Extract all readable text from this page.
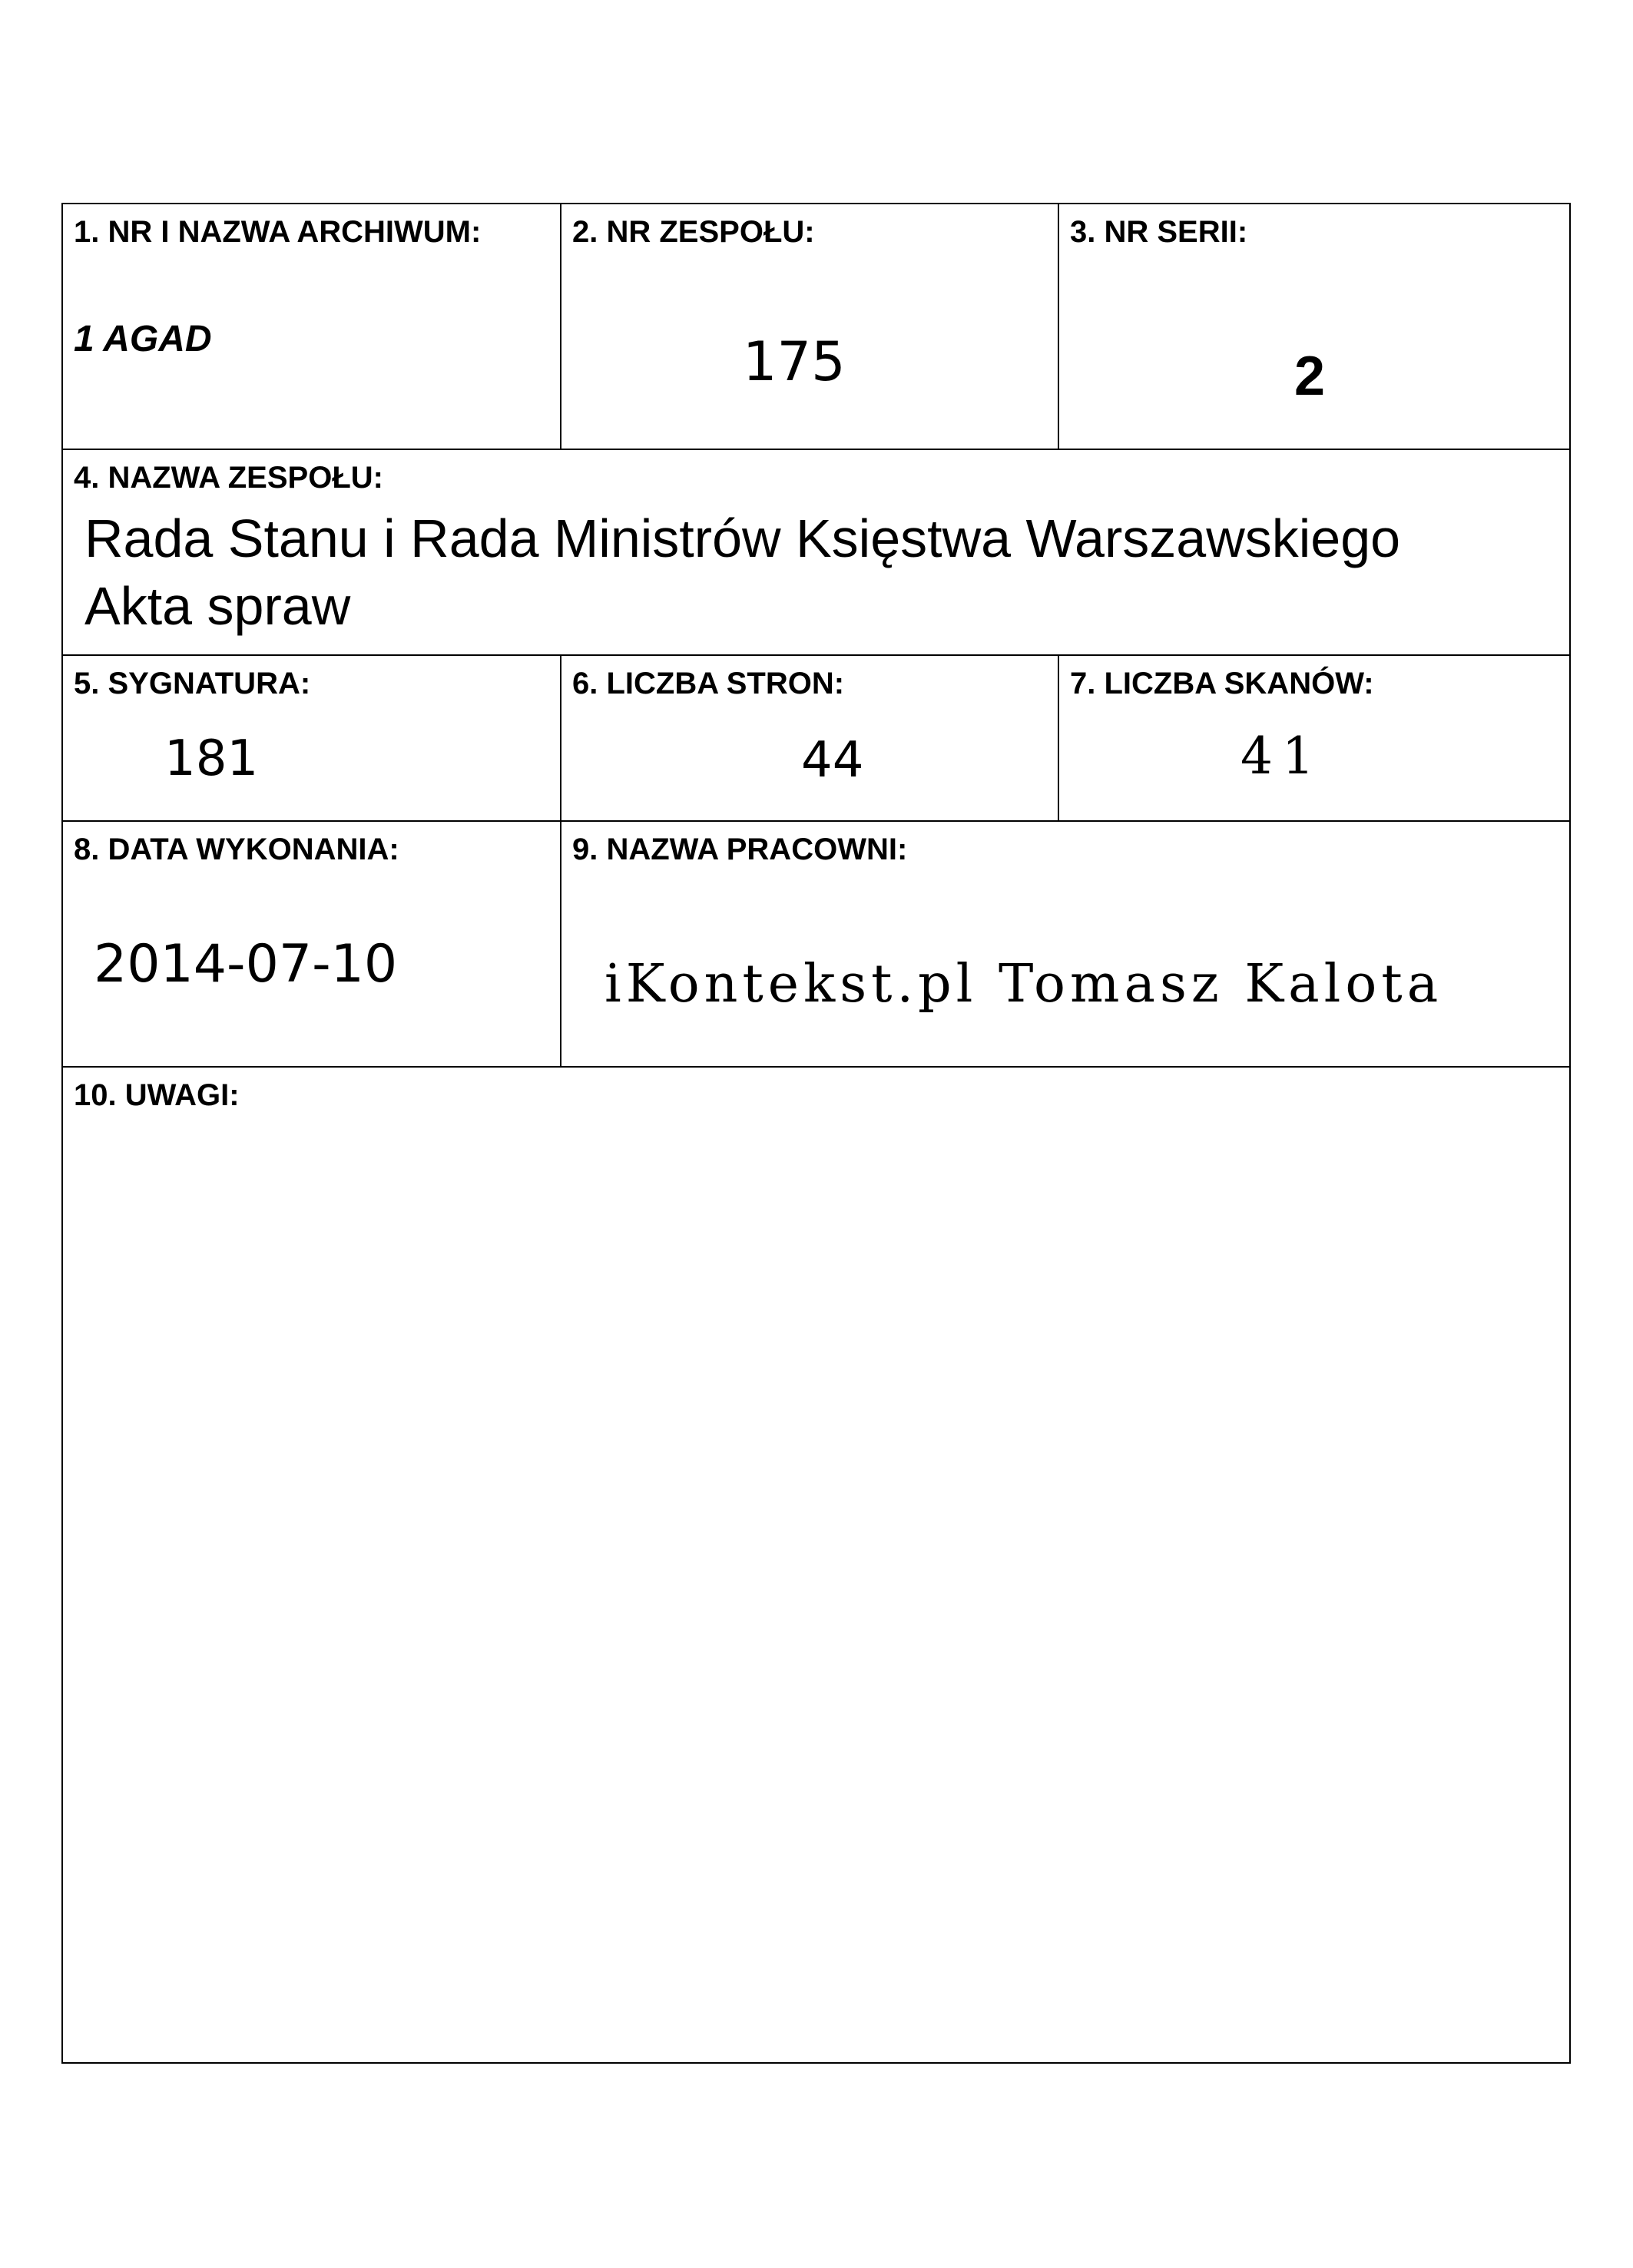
1. NR I NAZWA ARCHIWUM:
1 AGAD
2. NR ZESPOŁU:
175
3. NR SERII:
2
4. NAZWA ZESPOŁU:
Rada Stanu i Rada Ministrów Księstwa Warszawskiego
Akta spraw
5. SYGNATURA:
181
6. LICZBA STRON:
44
7. LICZBA SKANÓW:
41
8. DATA WYKONANIA:
2014-07-10
9. NAZWA PRACOWNI:
iKontekst.pl Tomasz Kalota
10. UWAGI:
